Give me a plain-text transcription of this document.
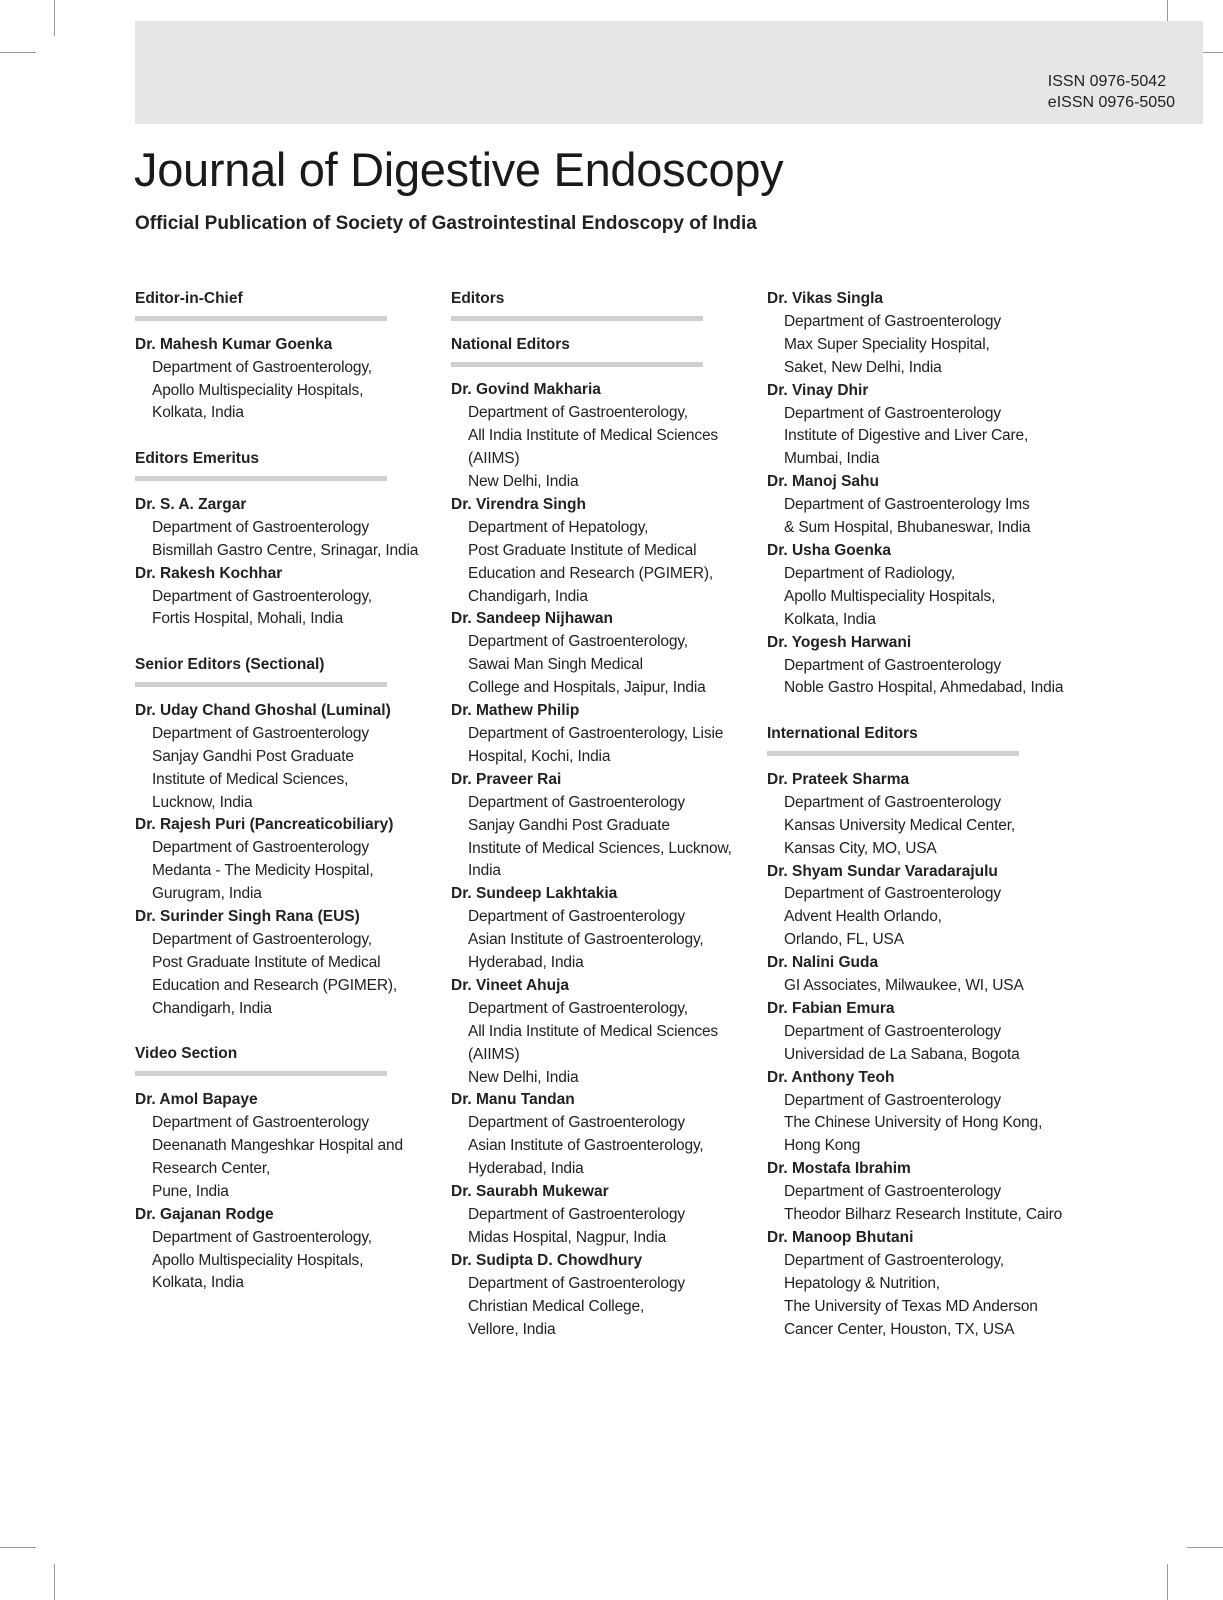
ISSN 0976-5042
eISSN 0976-5050
Journal of Digestive Endoscopy
Official Publication of Society of Gastrointestinal Endoscopy of India
Editor-in-Chief
Dr. Mahesh Kumar Goenka
Department of Gastroenterology,
Apollo Multispeciality Hospitals,
Kolkata, India
Editors Emeritus
Dr. S. A. Zargar
Department of Gastroenterology
Bismillah Gastro Centre, Srinagar, India
Dr. Rakesh Kochhar
Department of Gastroenterology,
Fortis Hospital, Mohali, India
Senior Editors (Sectional)
Dr. Uday Chand Ghoshal (Luminal)
Department of Gastroenterology
Sanjay Gandhi Post Graduate
Institute of Medical Sciences,
Lucknow, India
Dr. Rajesh Puri (Pancreaticobiliary)
Department of Gastroenterology
Medanta - The Medicity Hospital,
Gurugram, India
Dr. Surinder Singh Rana (EUS)
Department of Gastroenterology,
Post Graduate Institute of Medical
Education and Research (PGIMER),
Chandigarh, India
Video Section
Dr. Amol Bapaye
Department of Gastroenterology
Deenanath Mangeshkar Hospital and
Research Center,
Pune, India
Dr. Gajanan Rodge
Department of Gastroenterology,
Apollo Multispeciality Hospitals,
Kolkata, India
Editors
National Editors
Dr. Govind Makharia
Department of Gastroenterology,
All India Institute of Medical Sciences
(AIIMS)
New Delhi, India
Dr. Virendra Singh
Department of Hepatology,
Post Graduate Institute of Medical
Education and Research (PGIMER),
Chandigarh, India
Dr. Sandeep Nijhawan
Department of Gastroenterology,
Sawai Man Singh Medical
College and Hospitals, Jaipur, India
Dr. Mathew Philip
Department of Gastroenterology, Lisie
Hospital, Kochi, India
Dr. Praveer Rai
Department of Gastroenterology
Sanjay Gandhi Post Graduate
Institute of Medical Sciences, Lucknow,
India
Dr. Sundeep Lakhtakia
Department of Gastroenterology
Asian Institute of Gastroenterology,
Hyderabad, India
Dr. Vineet Ahuja
Department of Gastroenterology,
All India Institute of Medical Sciences
(AIIMS)
New Delhi, India
Dr. Manu Tandan
Department of Gastroenterology
Asian Institute of Gastroenterology,
Hyderabad, India
Dr. Saurabh Mukewar
Department of Gastroenterology
Midas Hospital, Nagpur, India
Dr. Sudipta D. Chowdhury
Department of Gastroenterology
Christian Medical College,
Vellore, India
Dr. Vikas Singla
Department of Gastroenterology
Max Super Speciality Hospital,
Saket, New Delhi, India
Dr. Vinay Dhir
Department of Gastroenterology
Institute of Digestive and Liver Care,
Mumbai, India
Dr. Manoj Sahu
Department of Gastroenterology Ims
& Sum Hospital, Bhubaneswar, India
Dr. Usha Goenka
Department of Radiology,
Apollo Multispeciality Hospitals,
Kolkata, India
Dr. Yogesh Harwani
Department of Gastroenterology
Noble Gastro Hospital, Ahmedabad, India
International Editors
Dr. Prateek Sharma
Department of Gastroenterology
Kansas University Medical Center,
Kansas City, MO, USA
Dr. Shyam Sundar Varadarajulu
Department of Gastroenterology
Advent Health Orlando,
Orlando, FL, USA
Dr. Nalini Guda
GI Associates, Milwaukee, WI, USA
Dr. Fabian Emura
Department of Gastroenterology
Universidad de La Sabana, Bogota
Dr. Anthony Teoh
Department of Gastroenterology
The Chinese University of Hong Kong,
Hong Kong
Dr. Mostafa Ibrahim
Department of Gastroenterology
Theodor Bilharz Research Institute, Cairo
Dr. Manoop Bhutani
Department of Gastroenterology,
Hepatology & Nutrition,
The University of Texas MD Anderson
Cancer Center, Houston, TX, USA
